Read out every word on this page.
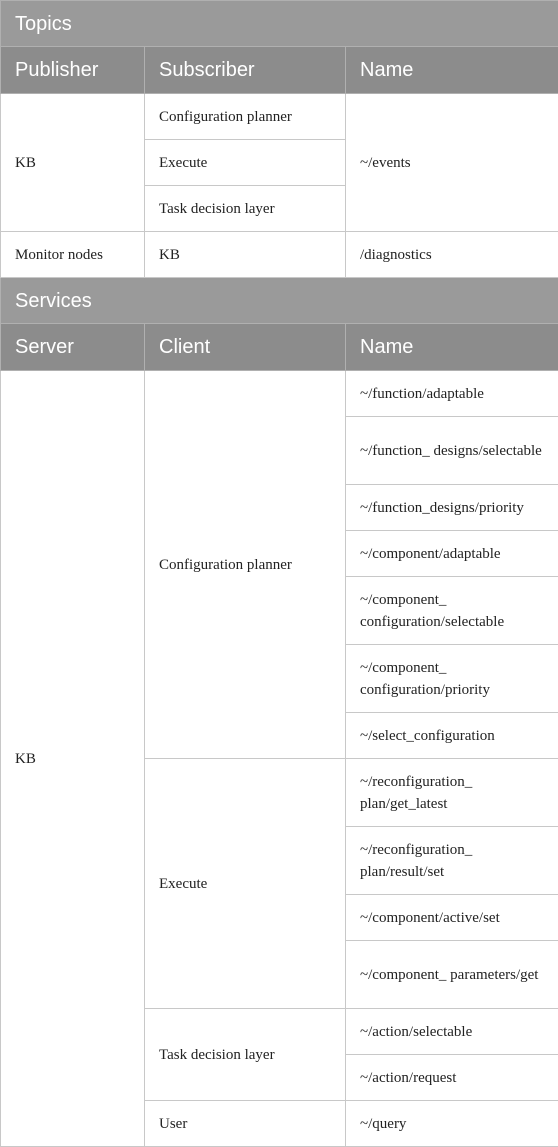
Topics		
Publisher	Subscriber	Name
KB	Configuration planner	~/events
	Execute	
	Task decision layer	
Monitor nodes	KB	/diagnostics
Services		
Server	Client	Name
KB	Configuration planner	~/function/adaptable
		~/function_ designs/selectable
		~/function_designs/priority
		~/component/adaptable
		~/component_ configuration/selectable
		~/component_ configuration/priority
		~/select_configuration
	Execute	~/reconfiguration_ plan/get_latest
		~/reconfiguration_ plan/result/set
		~/component/active/set
		~/component_ parameters/get
	Task decision layer	~/action/selectable
		~/action/request
	User	~/query
